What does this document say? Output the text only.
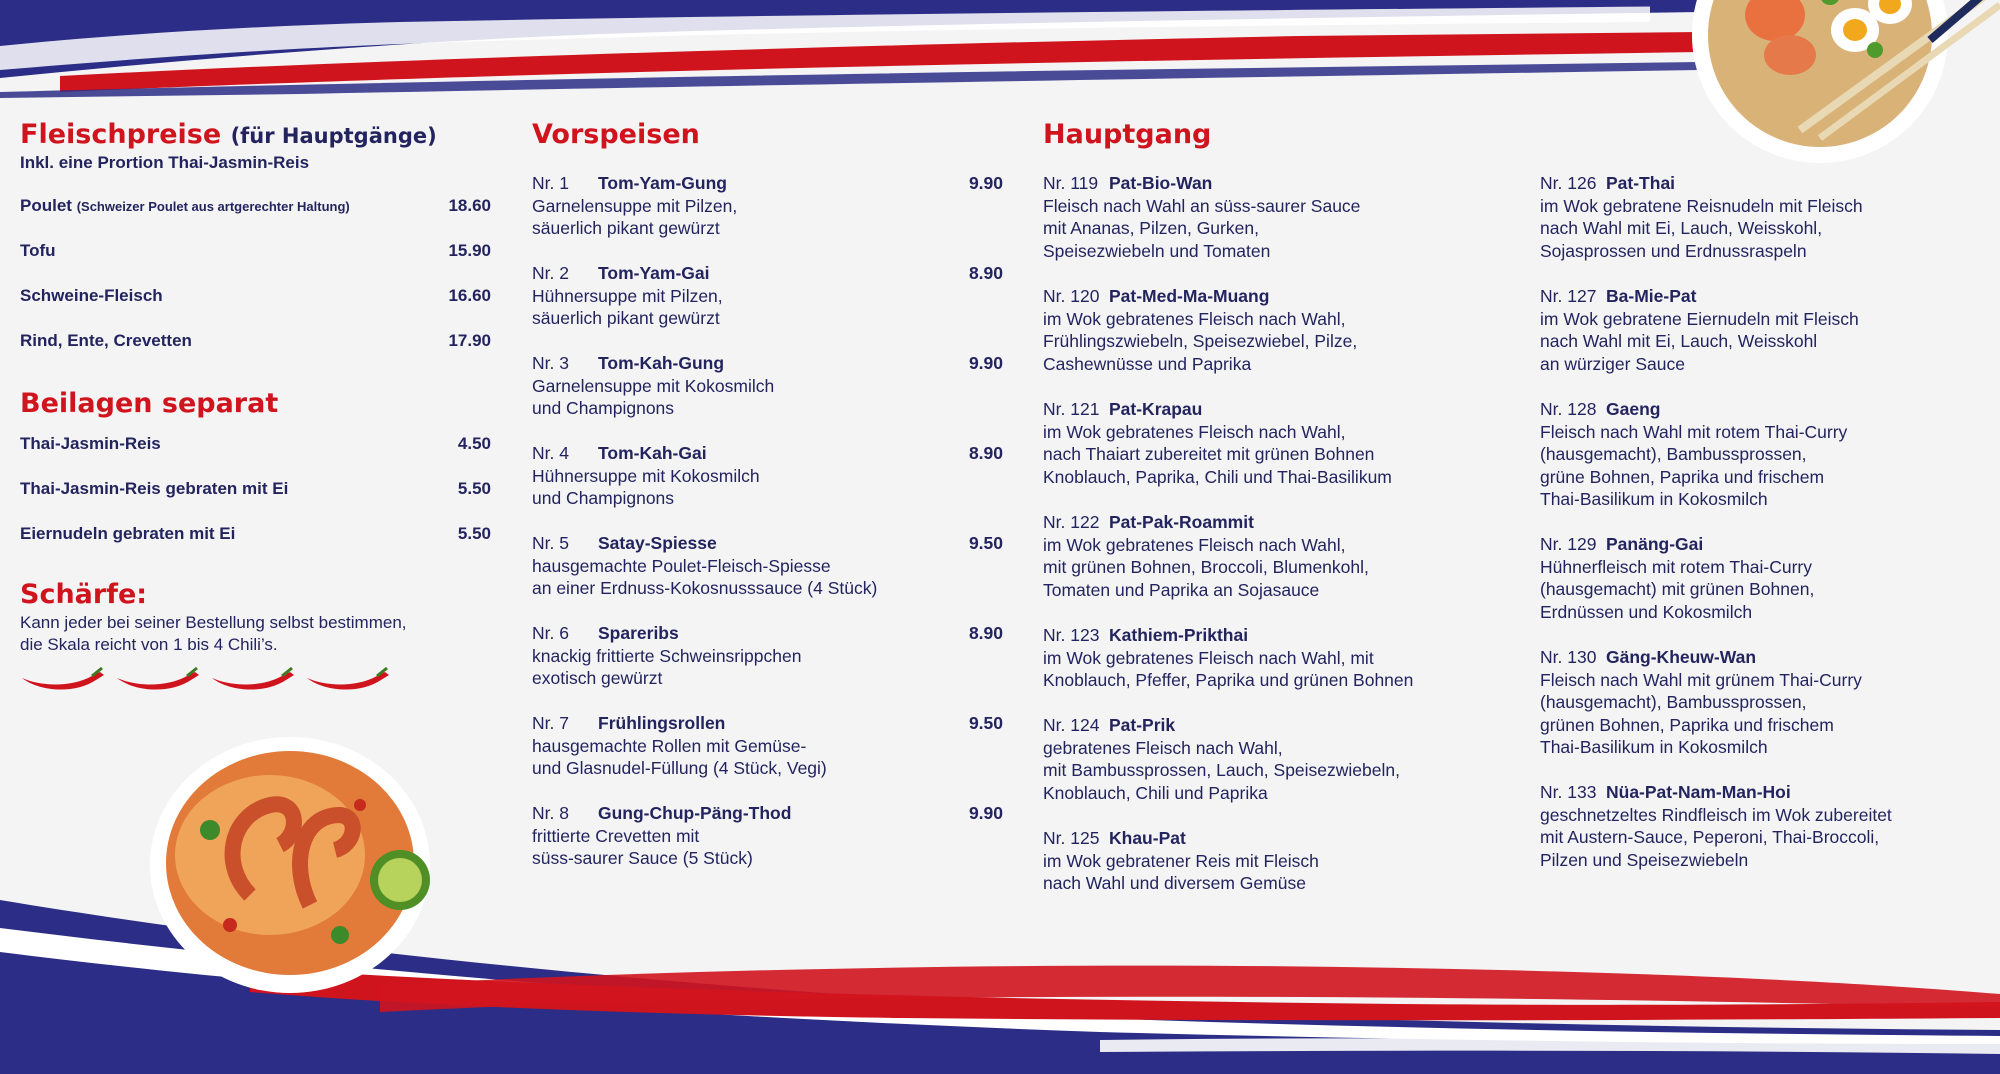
Fleischpreise (für Hauptgänge)
Inkl. eine Prortion Thai-Jasmin-Reis
Poulet (Schweizer Poulet aus artgerechter Haltung)	18.60
Tofu	15.90
Schweine-Fleisch	16.60
Rind, Ente, Crevetten	17.90
Beilagen separat
Thai-Jasmin-Reis	4.50
Thai-Jasmin-Reis gebraten mit Ei	5.50
Eiernudeln gebraten mit Ei	5.50
Schärfe:
Kann jeder bei seiner Bestellung selbst bestimmen,
die Skala reicht von 1 bis 4 Chili’s.
Vorspeisen
Nr. 1 Tom-Yam-Gung	9.90
Garnelensuppe mit Pilzen,
säuerlich pikant gewürzt
Nr. 2 Tom-Yam-Gai	8.90
Hühnersuppe mit Pilzen,
säuerlich pikant gewürzt
Nr. 3 Tom-Kah-Gung	9.90
Garnelensuppe mit Kokosmilch
und Champignons
Nr. 4 Tom-Kah-Gai	8.90
Hühnersuppe mit Kokosmilch
und Champignons
Nr. 5 Satay-Spiesse	9.50
hausgemachte Poulet-Fleisch-Spiesse
an einer Erdnuss-Kokosnusssauce (4 Stück)
Nr. 6 Spareribs	8.90
knackig frittierte Schweinsrippchen
exotisch gewürzt
Nr. 7 Frühlingsrollen	9.50
hausgemachte Rollen mit Gemüse-
und Glasnudel-Füllung (4 Stück, Vegi)
Nr. 8 Gung-Chup-Päng-Thod	9.90
frittierte Crevetten mit
süss-saurer Sauce (5 Stück)
Hauptgang
Nr. 119 Pat-Bio-Wan
Fleisch nach Wahl an süss-saurer Sauce
mit Ananas, Pilzen, Gurken,
Speisezwiebeln und Tomaten
Nr. 120 Pat-Med-Ma-Muang
im Wok gebratenes Fleisch nach Wahl,
Frühlingszwiebeln, Speisezwiebel, Pilze,
Cashewnüsse und Paprika
Nr. 121 Pat-Krapau
im Wok gebratenes Fleisch nach Wahl,
nach Thaiart zubereitet mit grünen Bohnen
Knoblauch, Paprika, Chili und Thai-Basilikum
Nr. 122 Pat-Pak-Roammit
im Wok gebratenes Fleisch nach Wahl,
mit grünen Bohnen, Broccoli, Blumenkohl,
Tomaten und Paprika an Sojasauce
Nr. 123 Kathiem-Prikthai
im Wok gebratenes Fleisch nach Wahl, mit
Knoblauch, Pfeffer, Paprika und grünen Bohnen
Nr. 124 Pat-Prik
gebratenes Fleisch nach Wahl,
mit Bambussprossen, Lauch, Speisezwiebeln,
Knoblauch, Chili und Paprika
Nr. 125 Khau-Pat
im Wok gebratener Reis mit Fleisch
nach Wahl und diversem Gemüse
Nr. 126 Pat-Thai
im Wok gebratene Reisnudeln mit Fleisch
nach Wahl mit Ei, Lauch, Weisskohl,
Sojasprossen und Erdnussraspeln
Nr. 127 Ba-Mie-Pat
im Wok gebratene Eiernudeln mit Fleisch
nach Wahl mit Ei, Lauch, Weisskohl
an würziger Sauce
Nr. 128 Gaeng
Fleisch nach Wahl mit rotem Thai-Curry
(hausgemacht), Bambussprossen,
grüne Bohnen, Paprika und frischem
Thai-Basilikum in Kokosmilch
Nr. 129 Panäng-Gai
Hühnerfleisch mit rotem Thai-Curry
(hausgemacht) mit grünen Bohnen,
Erdnüssen und Kokosmilch
Nr. 130 Gäng-Kheuw-Wan
Fleisch nach Wahl mit grünem Thai-Curry
(hausgemacht), Bambussprossen,
grünen Bohnen, Paprika und frischem
Thai-Basilikum in Kokosmilch
Nr. 133 Nüa-Pat-Nam-Man-Hoi
geschnetzeltes Rindfleisch im Wok zubereitet
mit Austern-Sauce, Peperoni, Thai-Broccoli,
Pilzen und Speisezwiebeln
